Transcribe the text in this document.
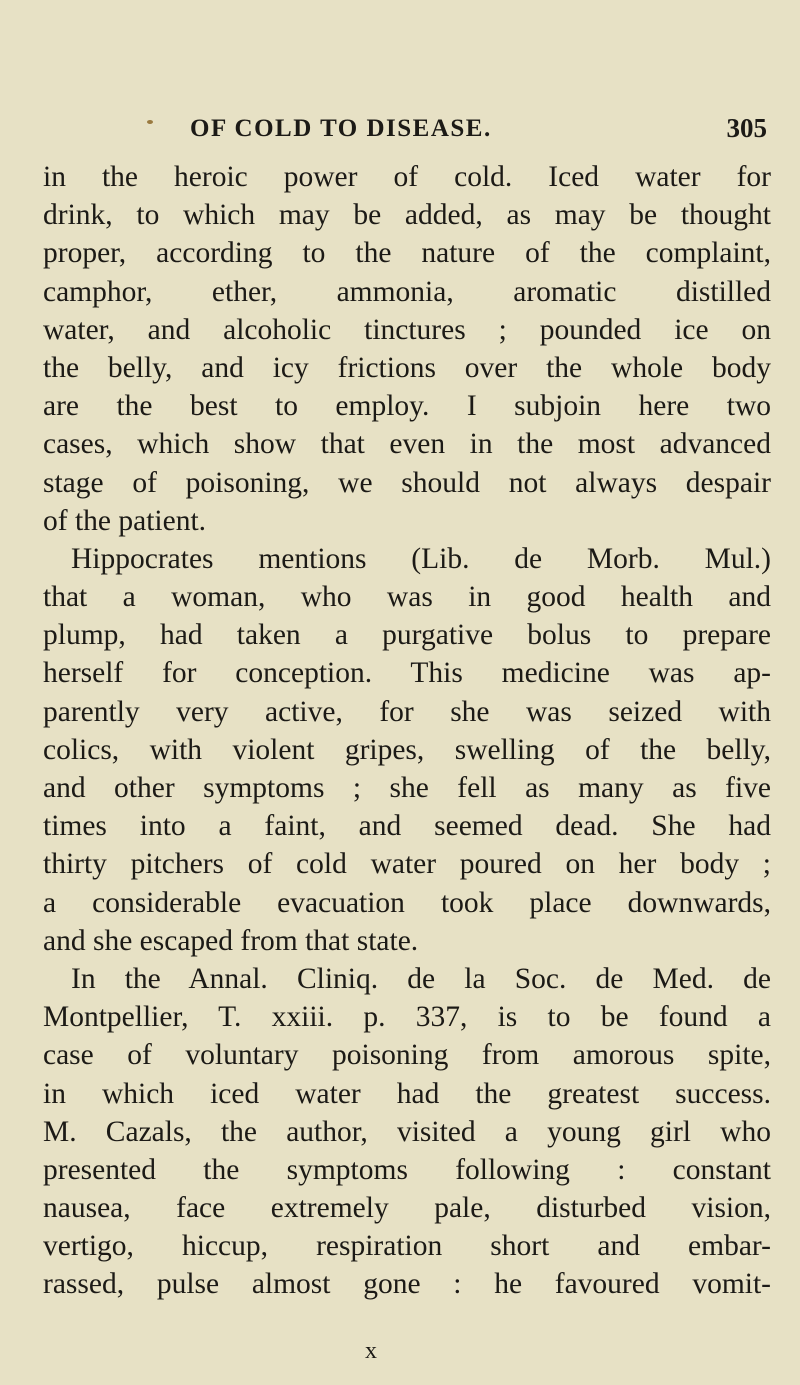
OF COLD TO DISEASE.	305
in the heroic power of cold. Iced water for
drink, to which may be added, as may be thought
proper, according to the nature of the complaint,
camphor, ether, ammonia, aromatic distilled
water, and alcoholic tinctures ; pounded ice on
the belly, and icy frictions over the whole body
are the best to employ. I subjoin here two
cases, which show that even in the most advanced
stage of poisoning, we should not always despair
of the patient.
Hippocrates mentions (Lib. de Morb. Mul.)
that a woman, who was in good health and
plump, had taken a purgative bolus to prepare
herself for conception. This medicine was ap-
parently very active, for she was seized with
colics, with violent gripes, swelling of the belly,
and other symptoms ; she fell as many as five
times into a faint, and seemed dead. She had
thirty pitchers of cold water poured on her body ;
a considerable evacuation took place downwards,
and she escaped from that state.
In the Annal. Cliniq. de la Soc. de Med. de
Montpellier, T. xxiii. p. 337, is to be found a
case of voluntary poisoning from amorous spite,
in which iced water had the greatest success.
M. Cazals, the author, visited a young girl who
presented the symptoms following : constant
nausea, face extremely pale, disturbed vision,
vertigo, hiccup, respiration short and embar-
rassed, pulse almost gone : he favoured vomit-
x
